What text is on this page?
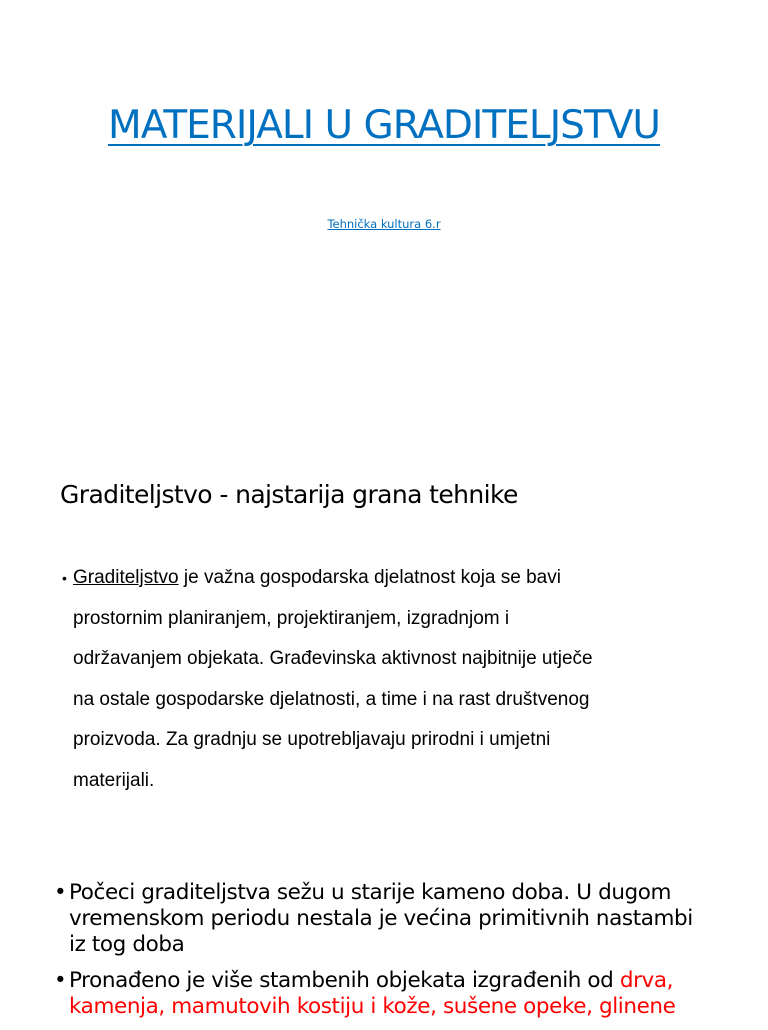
MATERIJALI U GRADITELJSTVU
Tehnička kultura 6.r
Graditeljstvo - najstarija grana tehnike
• Graditeljstvo je važna gospodarska djelatnost koja se bavi
prostornim planiranjem, projektiranjem, izgradnjom i
održavanjem objekata. Građevinska aktivnost najbitnije utječe
na ostale gospodarske djelatnosti, a time i na rast društvenog
proizvoda. Za gradnju se upotrebljavaju prirodni i umjetni
materijali.
• Počeci graditeljstva sežu u starije kameno doba. U dugom
vremenskom periodu nestala je većina primitivnih nastambi
iz tog doba
• Pronađeno je više stambenih objekata izgrađenih od drva,
kamenja, mamutovih kostiju i kože, sušene opeke, glinene
